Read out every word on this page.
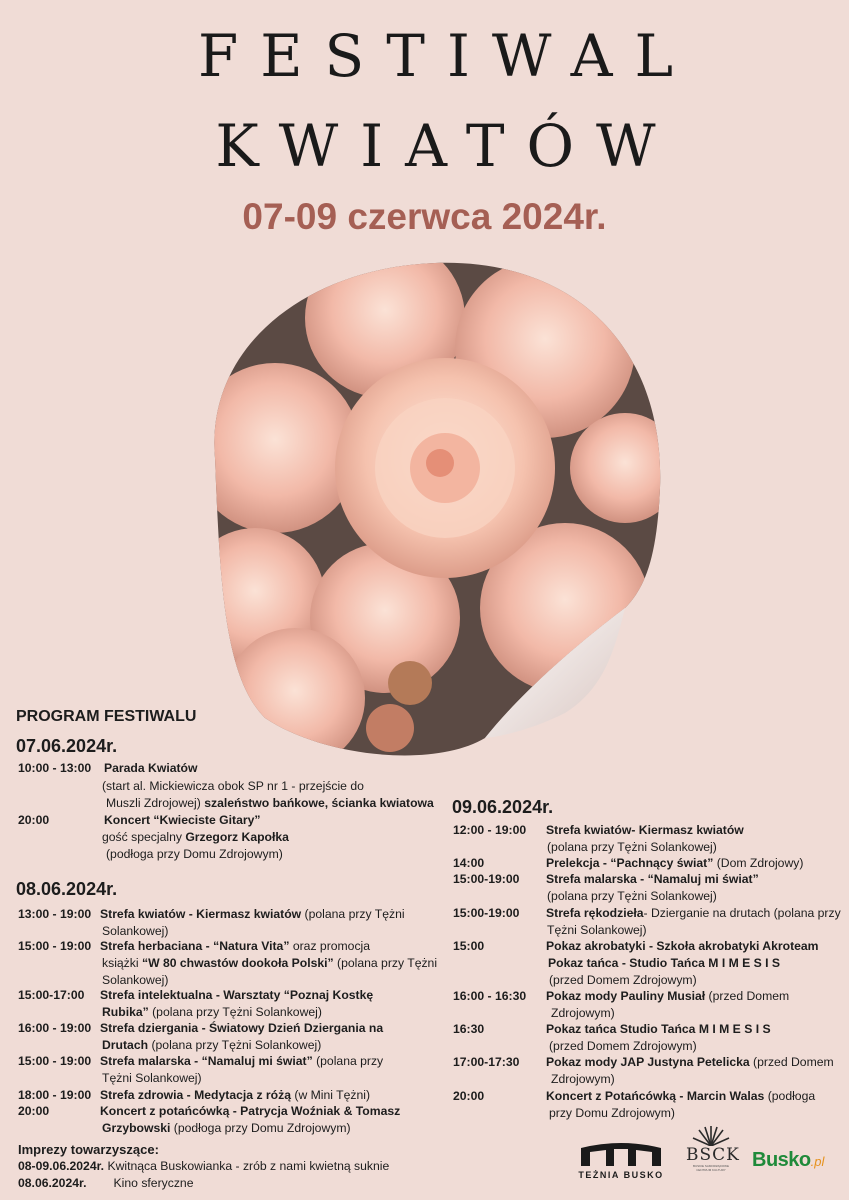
FESTIWAL
KWIATÓW
07-09 czerwca 2024r.
PROGRAM FESTIWALU
07.06.2024r.
10:00 - 13:00 Parada Kwiatów
(start al. Mickiewicza obok SP nr 1 - przejście do
Muszli Zdrojowej) szaleństwo bańkowe, ścianka kwiatowa
20:00	Koncert “Kwieciste Gitary”
gość specjalny Grzegorz Kapołka
(podłoga przy Domu Zdrojowym)
08.06.2024r.
13:00 - 19:00 Strefa kwiatów - Kiermasz kwiatów (polana przy Tężni
Solankowej)
15:00 - 19:00 Strefa herbaciana - “Natura Vita” oraz promocja
książki “W 80 chwastów dookoła Polski” (polana przy Tężni
Solankowej)
15:00-17:00 Strefa intelektualna - Warsztaty “Poznaj Kostkę
Rubika” (polana przy Tężni Solankowej)
16:00 - 19:00 Strefa dziergania - Światowy Dzień Dziergania na
Drutach (polana przy Tężni Solankowej)
15:00 - 19:00 Strefa malarska - “Namaluj mi świat” (polana przy
Tężni Solankowej)
18:00 - 19:00 Strefa zdrowia - Medytacja z różą (w Mini Tężni)
20:00	Koncert z potańcówką - Patrycja Woźniak & Tomasz
Grzybowski (podłoga przy Domu Zdrojowym)
Imprezy towarzyszące:
08-09.06.2024r. Kwitnąca Buskowianka - zrób z nami kwietną suknie
08.06.2024r.        Kino sferyczne
09.06.2024r.
12:00 - 19:00 Strefa kwiatów- Kiermasz kwiatów
(polana przy Tężni Solankowej)
14:00	Prelekcja - “Pachnący świat” (Dom Zdrojowy)
15:00-19:00 Strefa malarska - “Namaluj mi świat”
(polana przy Tężni Solankowej)
15:00-19:00 Strefa rękodzieła- Dzierganie na drutach (polana przy
Tężni Solankowej)
15:00	Pokaz akrobatyki - Szkoła akrobatyki Akroteam
Pokaz tańca - Studio Tańca M I M E S I S
(przed Domem Zdrojowym)
16:00 - 16:30 Pokaz mody Pauliny Musiał (przed Domem
Zdrojowym)
16:30	Pokaz tańca Studio Tańca M I M E S I S
(przed Domem Zdrojowym)
17:00-17:30 Pokaz mody JAP Justyna Petelicka (przed Domem
Zdrojowym)
20:00	Koncert z Potańcówką - Marcin Walas (podłoga
przy Domu Zdrojowym)
TEŻNIA BUSKO
BSCK
BUSKIE SAMORZĄDOWE CENTRUM KULTURY	Busko.pl
